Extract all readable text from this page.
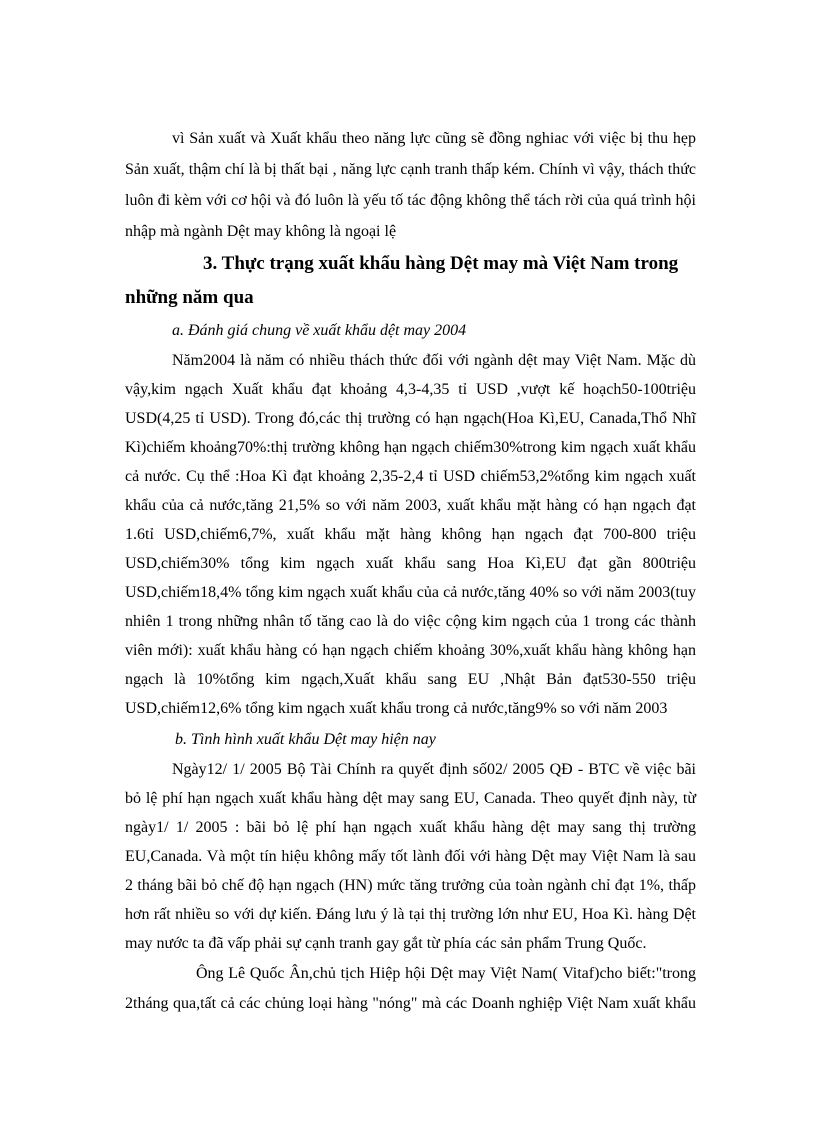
vì Sản xuất và Xuất khẩu theo năng lực cũng sẽ đồng nghiac với việc bị thu hẹp
Sản xuất, thậm chí là bị thất bại , năng lực cạnh tranh thấp kém. Chính vì vậy, thách thức
luôn đi kèm với cơ hội và đó luôn là yếu tố tác động không thể tách rời của quá trình hội
nhập mà ngành Dệt may không là ngoại lệ
3. Thực trạng xuất khẩu hàng Dệt may mà Việt Nam trong
những năm qua
a. Đánh giá chung về xuất khẩu dệt may 2004
Năm2004 là năm có nhiều thách thức đối với ngành dệt may Việt Nam. Mặc dù
vậy,kim ngạch Xuất khẩu đạt khoảng 4,3-4,35 tỉ USD ,vượt kế hoạch50-100triệu
USD(4,25 tỉ USD). Trong đó,các thị trường có hạn ngạch(Hoa Kì,EU, Canada,Thổ Nhĩ
Kì)chiếm khoảng70%:thị trường không hạn ngạch chiếm30%trong kim ngạch xuất khẩu
cả nước. Cụ thể :Hoa Kì đạt khoảng 2,35-2,4 tỉ USD chiếm53,2%tổng kim ngạch xuất
khẩu của cả nước,tăng 21,5% so với năm 2003, xuất khẩu mặt hàng có hạn ngạch đạt
1.6tỉ USD,chiếm6,7%, xuất khẩu mặt hàng không hạn ngạch đạt 700-800 triệu
USD,chiếm30% tổng kim ngạch xuất khẩu sang Hoa Kì,EU đạt gần 800triệu
USD,chiếm18,4% tổng kim ngạch xuất khẩu của cả nước,tăng 40% so với năm 2003(tuy
nhiên 1 trong những nhân tố tăng cao là do việc cộng kim ngạch của 1 trong các thành
viên mới): xuất khẩu hàng có hạn ngạch chiếm khoảng 30%,xuất khẩu hàng không hạn
ngạch là 10%tổng kim ngạch,Xuất khẩu sang EU ,Nhật Bản đạt530-550 triệu
USD,chiếm12,6% tổng kim ngạch xuất khẩu trong cả nước,tăng9% so với năm 2003
b. Tình hình xuất khẩu Dệt may hiện nay
Ngày12/ 1/ 2005 Bộ Tài Chính ra quyết định số02/ 2005 QĐ - BTC về việc bãi
bỏ lệ phí hạn ngạch xuất khẩu hàng dệt may sang EU, Canada. Theo quyết định này, từ
ngày1/ 1/ 2005 : bãi bỏ lệ phí hạn ngạch xuất khẩu hàng dệt may sang thị trường
EU,Canada. Và một tín hiệu không mấy tốt lành đối với hàng Dệt may Việt Nam là sau
2 tháng bãi bỏ chế độ hạn ngạch (HN) mức tăng trưởng của toàn ngành chỉ đạt 1%, thấp
hơn rất nhiều so với dự kiến. Đáng lưu ý là tại thị trường lớn như EU, Hoa Kì. hàng Dệt
may nước ta đã vấp phải sự cạnh tranh gay gắt từ phía các sản phẩm Trung Quốc.
Ông Lê Quốc Ân,chủ tịch Hiệp hội Dệt may Việt Nam( Vitaf)cho biết:"trong
2tháng qua,tất cả các chủng loại hàng "nóng" mà các Doanh nghiệp Việt Nam xuất khẩu
